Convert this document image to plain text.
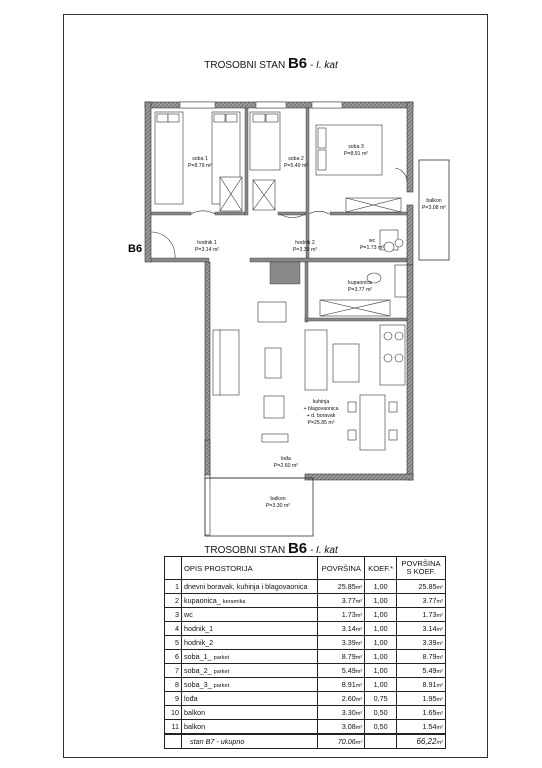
TROSOBNI STAN B6 - I. kat
soba 1
P=8.79 m²
soba 2
P=5.49 m²
soba 3
P=8.91 m²
balkon
P=3.08 m²
hodnik 1
P=3.14 m²
hodnik 2
P=3.39 m²
wc
P=1.73 m²
kupaonica
P=3.77 m²
kuhinja
+ blagovaonica
+ d. boravak
P=25.85 m²
lođa
P=2.60 m²
balkon
P=3.30 m²
B6
TROSOBNI STAN B6 - I. kat
	OPIS PROSTORIJA	POVRŠINA	KOEF.*	POVRŠINA S KOEF.
1	dnevni boravak, kuhinja i blagovaonica	25.85m²	1,00	25.85m²
2	kupaonica_ keramika	3.77m²	1,00	3.77m²
3	wc	1.73m²	1,00	1.73m²
4	hodnik_1	3.14m²	1,00	3.14m²
5	hodnik_2	3.39m²	1,00	3.39m²
6	soba_1_ parket	8.79m²	1,00	8.79m²
7	soba_2_ parket	5.49m²	1,00	5.49m²
8	soba_3_ parket	8.91m²	1,00	8.91m²
9	lođa	2.60m²	0,75	1.95m²
10	balkon	3.30m²	0,50	1.65m²
11	balkon	3.08m²	0,50	1.54m²
	stan B7 - ukupno	70.06m²		66,22m²
